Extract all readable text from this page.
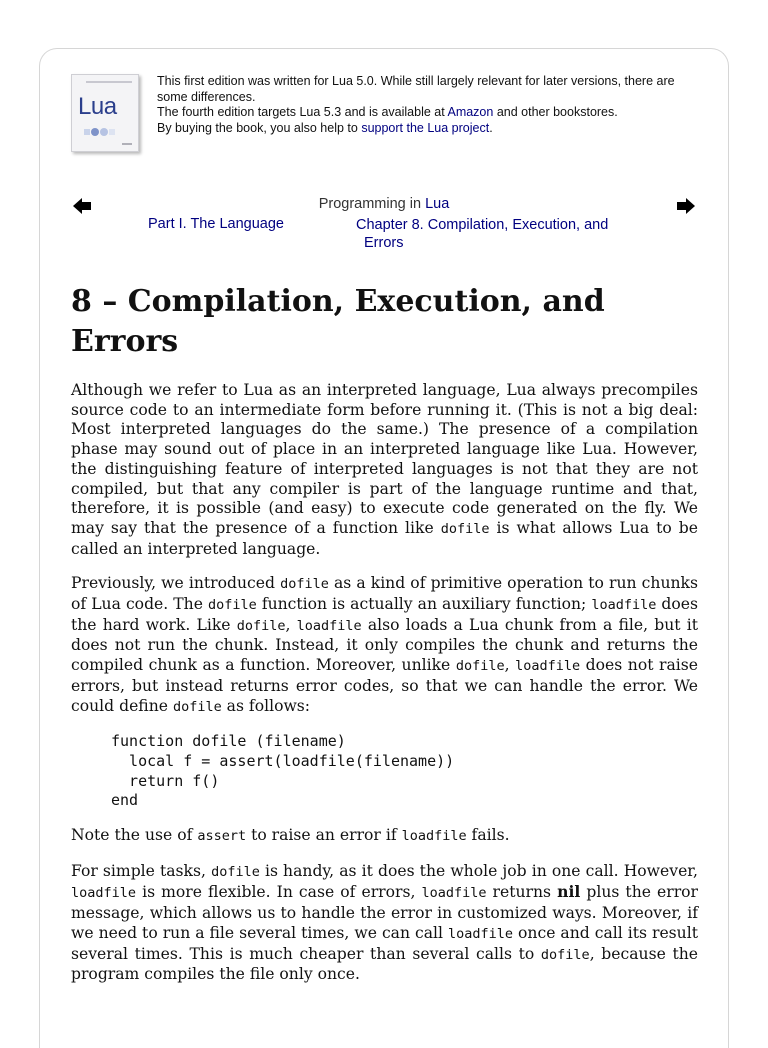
Lua

This first edition was written for Lua 5.0. While still largely relevant for later versions, there are some differences.

The fourth edition targets Lua 5.3 and is available at Amazon and other bookstores.

By buying the book, you also help to support the Lua project.

Programming in Lua
Part I. The Language	Chapter 8. Compilation, Execution, and
Errors
8 – Compilation, Execution, and Errors

Although we refer to Lua as an interpreted language, Lua always precompiles source code to an intermediate form before running it. (This is not a big deal: Most interpreted languages do the same.) The presence of a compilation phase may sound out of place in an interpreted language like Lua. However, the distinguishing feature of interpreted languages is not that they are not compiled, but that any compiler is part of the language runtime and that, therefore, it is possible (and easy) to execute code generated on the fly. We may say that the presence of a function like dofile is what allows Lua to be called an interpreted language.

Previously, we introduced dofile as a kind of primitive operation to run chunks of Lua code. The dofile function is actually an auxiliary function; loadfile does the hard work. Like dofile, loadfile also loads a Lua chunk from a file, but it does not run the chunk. Instead, it only compiles the chunk and returns the compiled chunk as a function. Moreover, unlike dofile, loadfile does not raise errors, but instead returns error codes, so that we can handle the error. We could define dofile as follows:

function dofile (filename)
local f = assert(loadfile(filename))
return f()
end

Note the use of assert to raise an error if loadfile fails.

For simple tasks, dofile is handy, as it does the whole job in one call. However, loadfile is more flexible. In case of errors, loadfile returns nil plus the error message, which allows us to handle the error in customized ways. Moreover, if we need to run a file several times, we can call loadfile once and call its result several times. This is much cheaper than several calls to dofile, because the program compiles the file only once.
